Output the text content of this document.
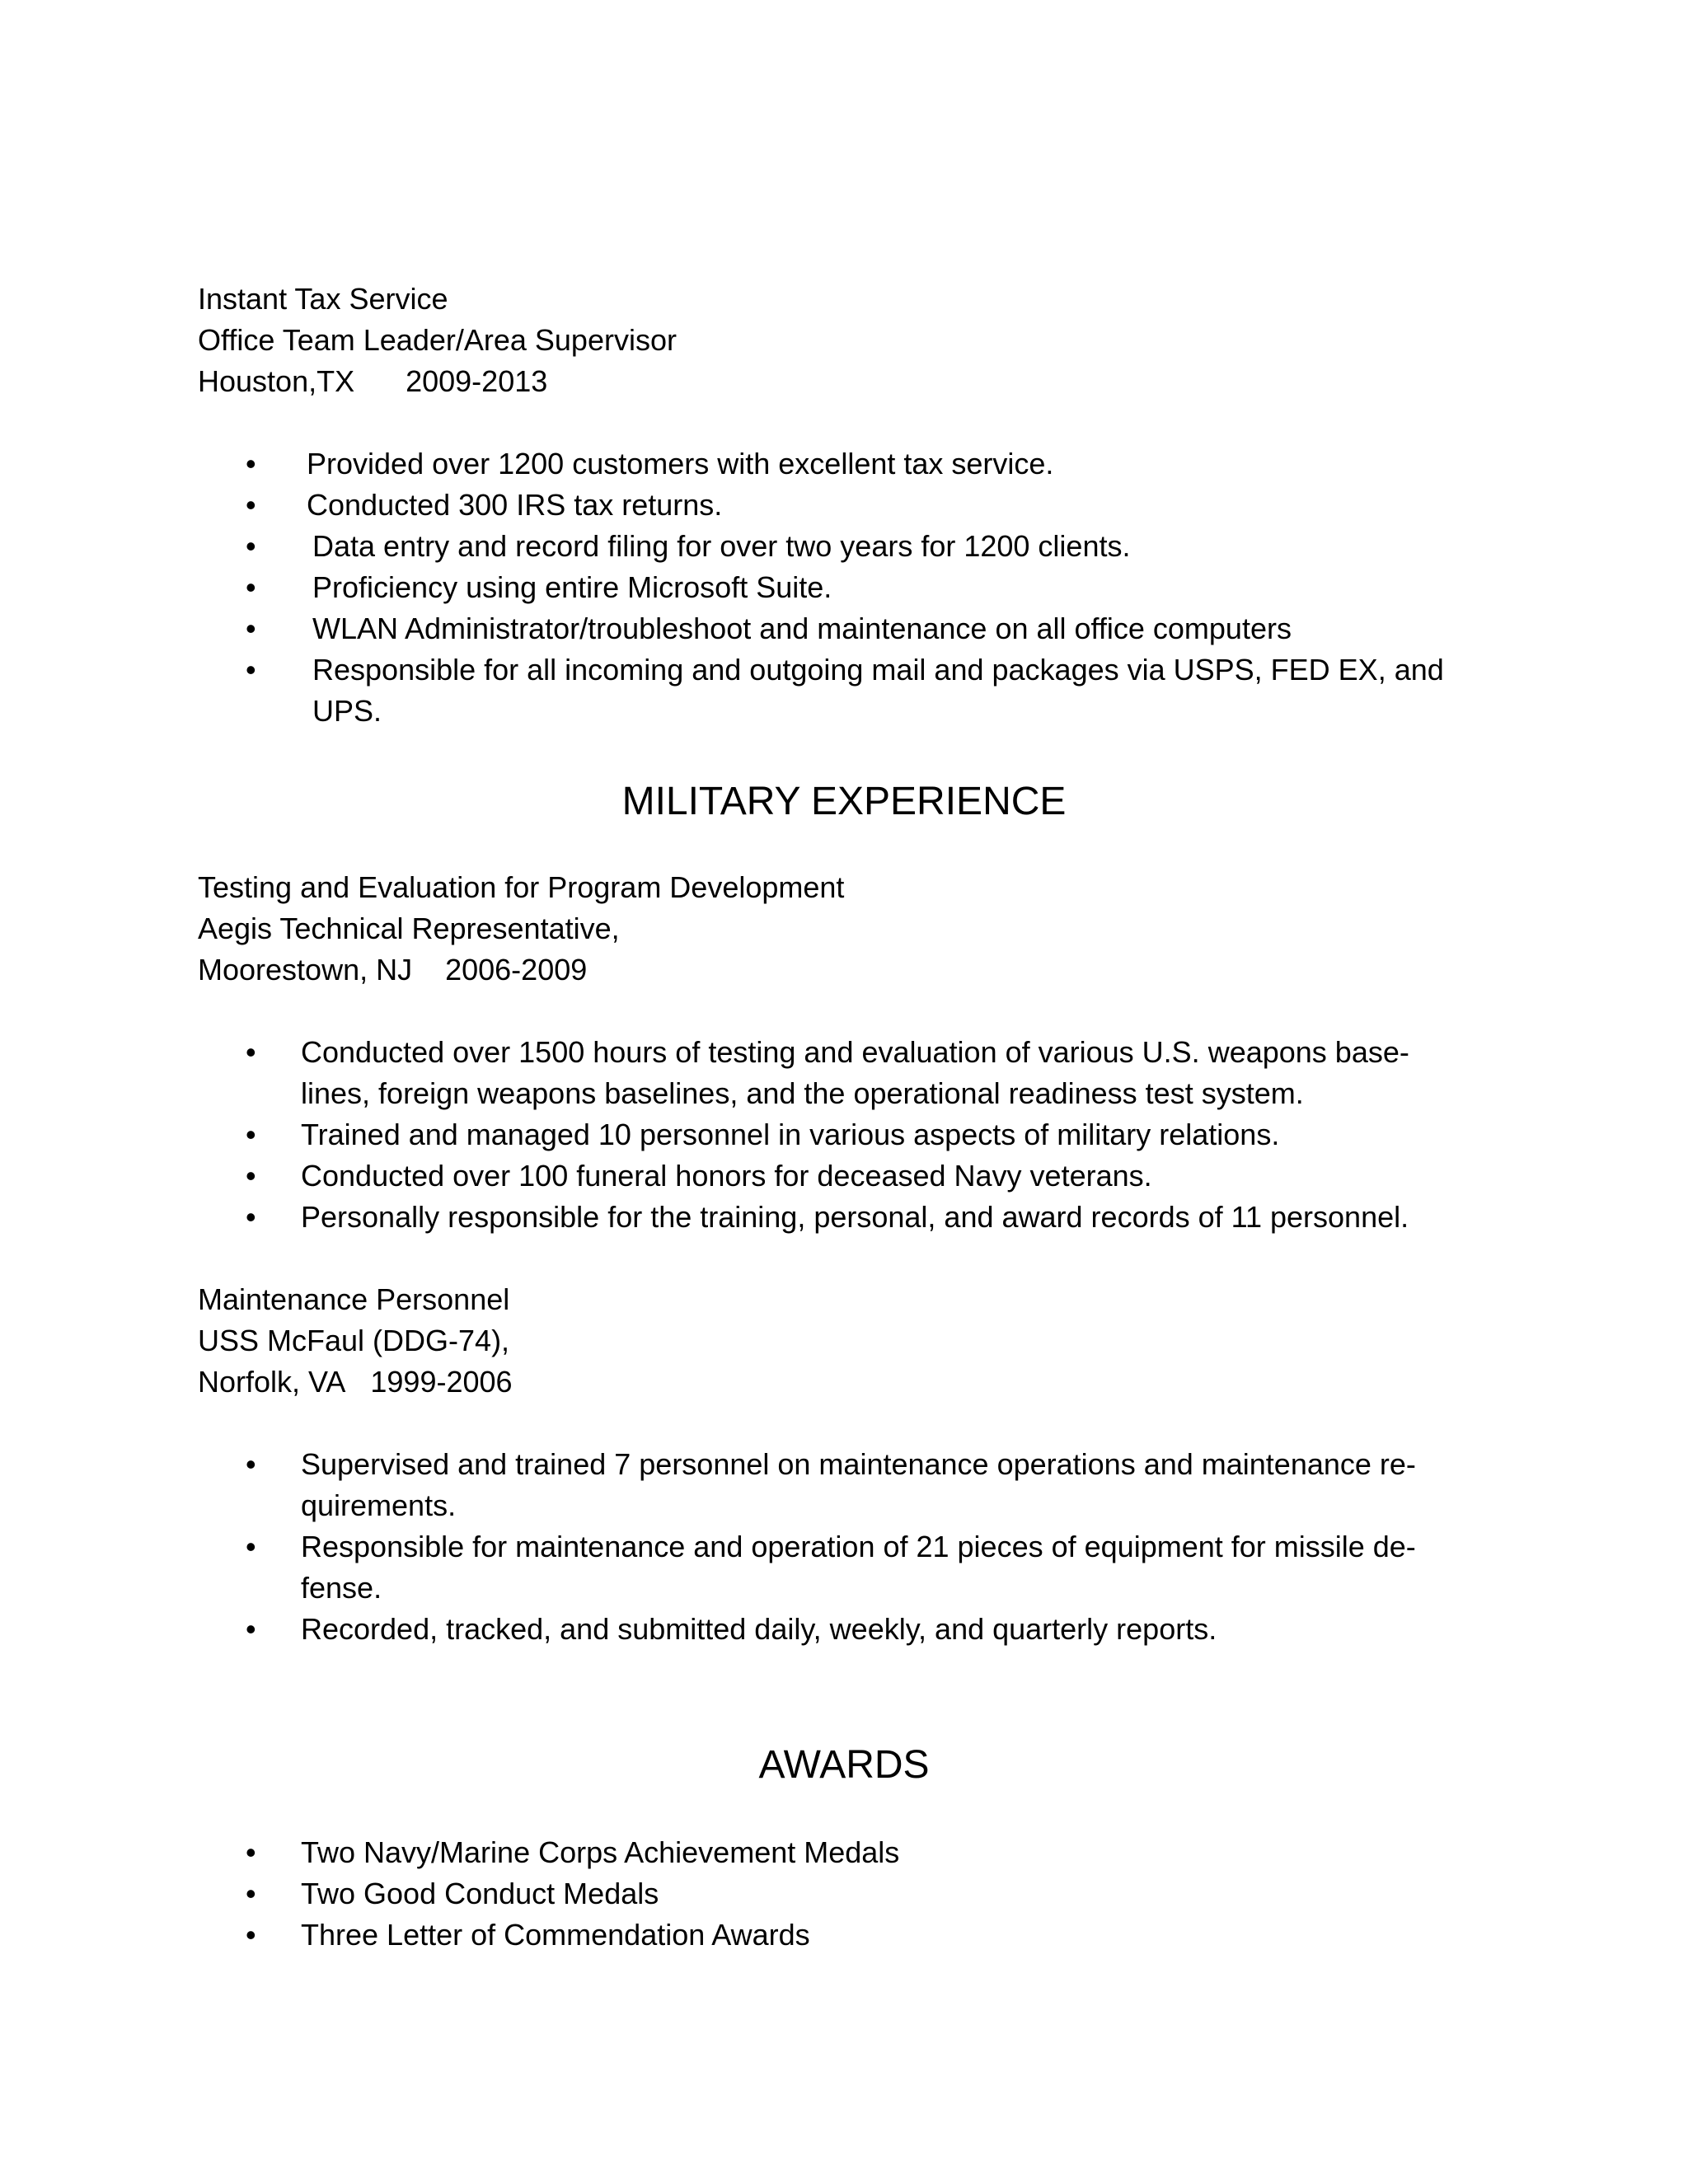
Instant Tax Service
Office Team Leader/Area Supervisor
Houston,TX 2009-2013
• Provided over 1200 customers with excellent tax service.
• Conducted 300 IRS tax returns.
• Data entry and record filing for over two years for 1200 clients.
• Proficiency using entire Microsoft Suite.
• WLAN Administrator/troubleshoot and maintenance on all office computers
• Responsible for all incoming and outgoing mail and packages via USPS, FED EX, and
UPS.
MILITARY EXPERIENCE
Testing and Evaluation for Program Development
Aegis Technical Representative,
Moorestown, NJ 2006-2009
• Conducted over 1500 hours of testing and evaluation of various U.S. weapons base-
lines, foreign weapons baselines, and the operational readiness test system.
• Trained and managed 10 personnel in various aspects of military relations.
• Conducted over 100 funeral honors for deceased Navy veterans.
• Personally responsible for the training, personal, and award records of 11 personnel.
Maintenance Personnel
USS McFaul (DDG-74),
Norfolk, VA 1999-2006
• Supervised and trained 7 personnel on maintenance operations and maintenance re-
quirements.
• Responsible for maintenance and operation of 21 pieces of equipment for missile de-
fense.
• Recorded, tracked, and submitted daily, weekly, and quarterly reports.
AWARDS
• Two Navy/Marine Corps Achievement Medals
• Two Good Conduct Medals
• Three Letter of Commendation Awards
